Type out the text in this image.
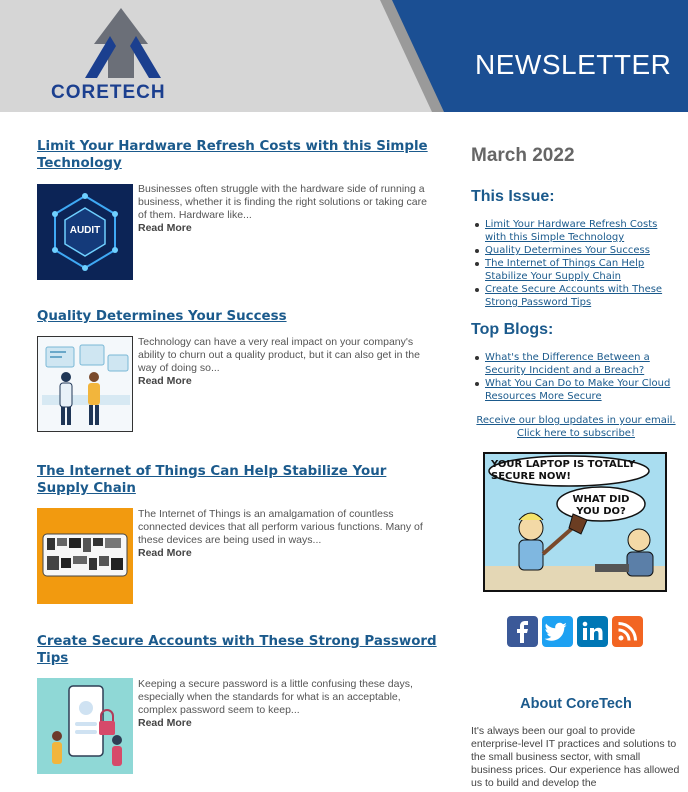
CORETECH
NEWSLETTER
Limit Your Hardware Refresh Costs with this Simple Technology
AUDIT
Businesses often struggle with the hardware side of running a business, whether it is finding the right solutions or taking care of them. Hardware like...
Read More
Quality Determines Your Success
Technology can have a very real impact on your company's ability to churn out a quality product, but it can also get in the way of doing so...
Read More
The Internet of Things Can Help Stabilize Your Supply Chain
The Internet of Things is an amalgamation of countless connected devices that all perform various functions. Many of these devices are being used in ways...
Read More
Create Secure Accounts with These Strong Password Tips
Keeping a secure password is a little confusing these days, especially when the standards for what is an acceptable, complex password seem to keep...
Read More
March 2022
This Issue:
Limit Your Hardware Refresh Costs with this Simple Technology
Quality Determines Your Success
The Internet of Things Can Help Stabilize Your Supply Chain
Create Secure Accounts with These Strong Password Tips
Top Blogs:
What's the Difference Between a Security Incident and a Breach?
What You Can Do to Make Your Cloud Resources More Secure
Receive our blog updates in your email.
Click here to subscribe!
YOUR LAPTOP IS TOTALLY SECURE NOW!
WHAT DID YOU DO?
About CoreTech
It's always been our goal to provide enterprise-level IT practices and solutions to the small business sector, with small business prices. Our experience has allowed us to build and develop the
